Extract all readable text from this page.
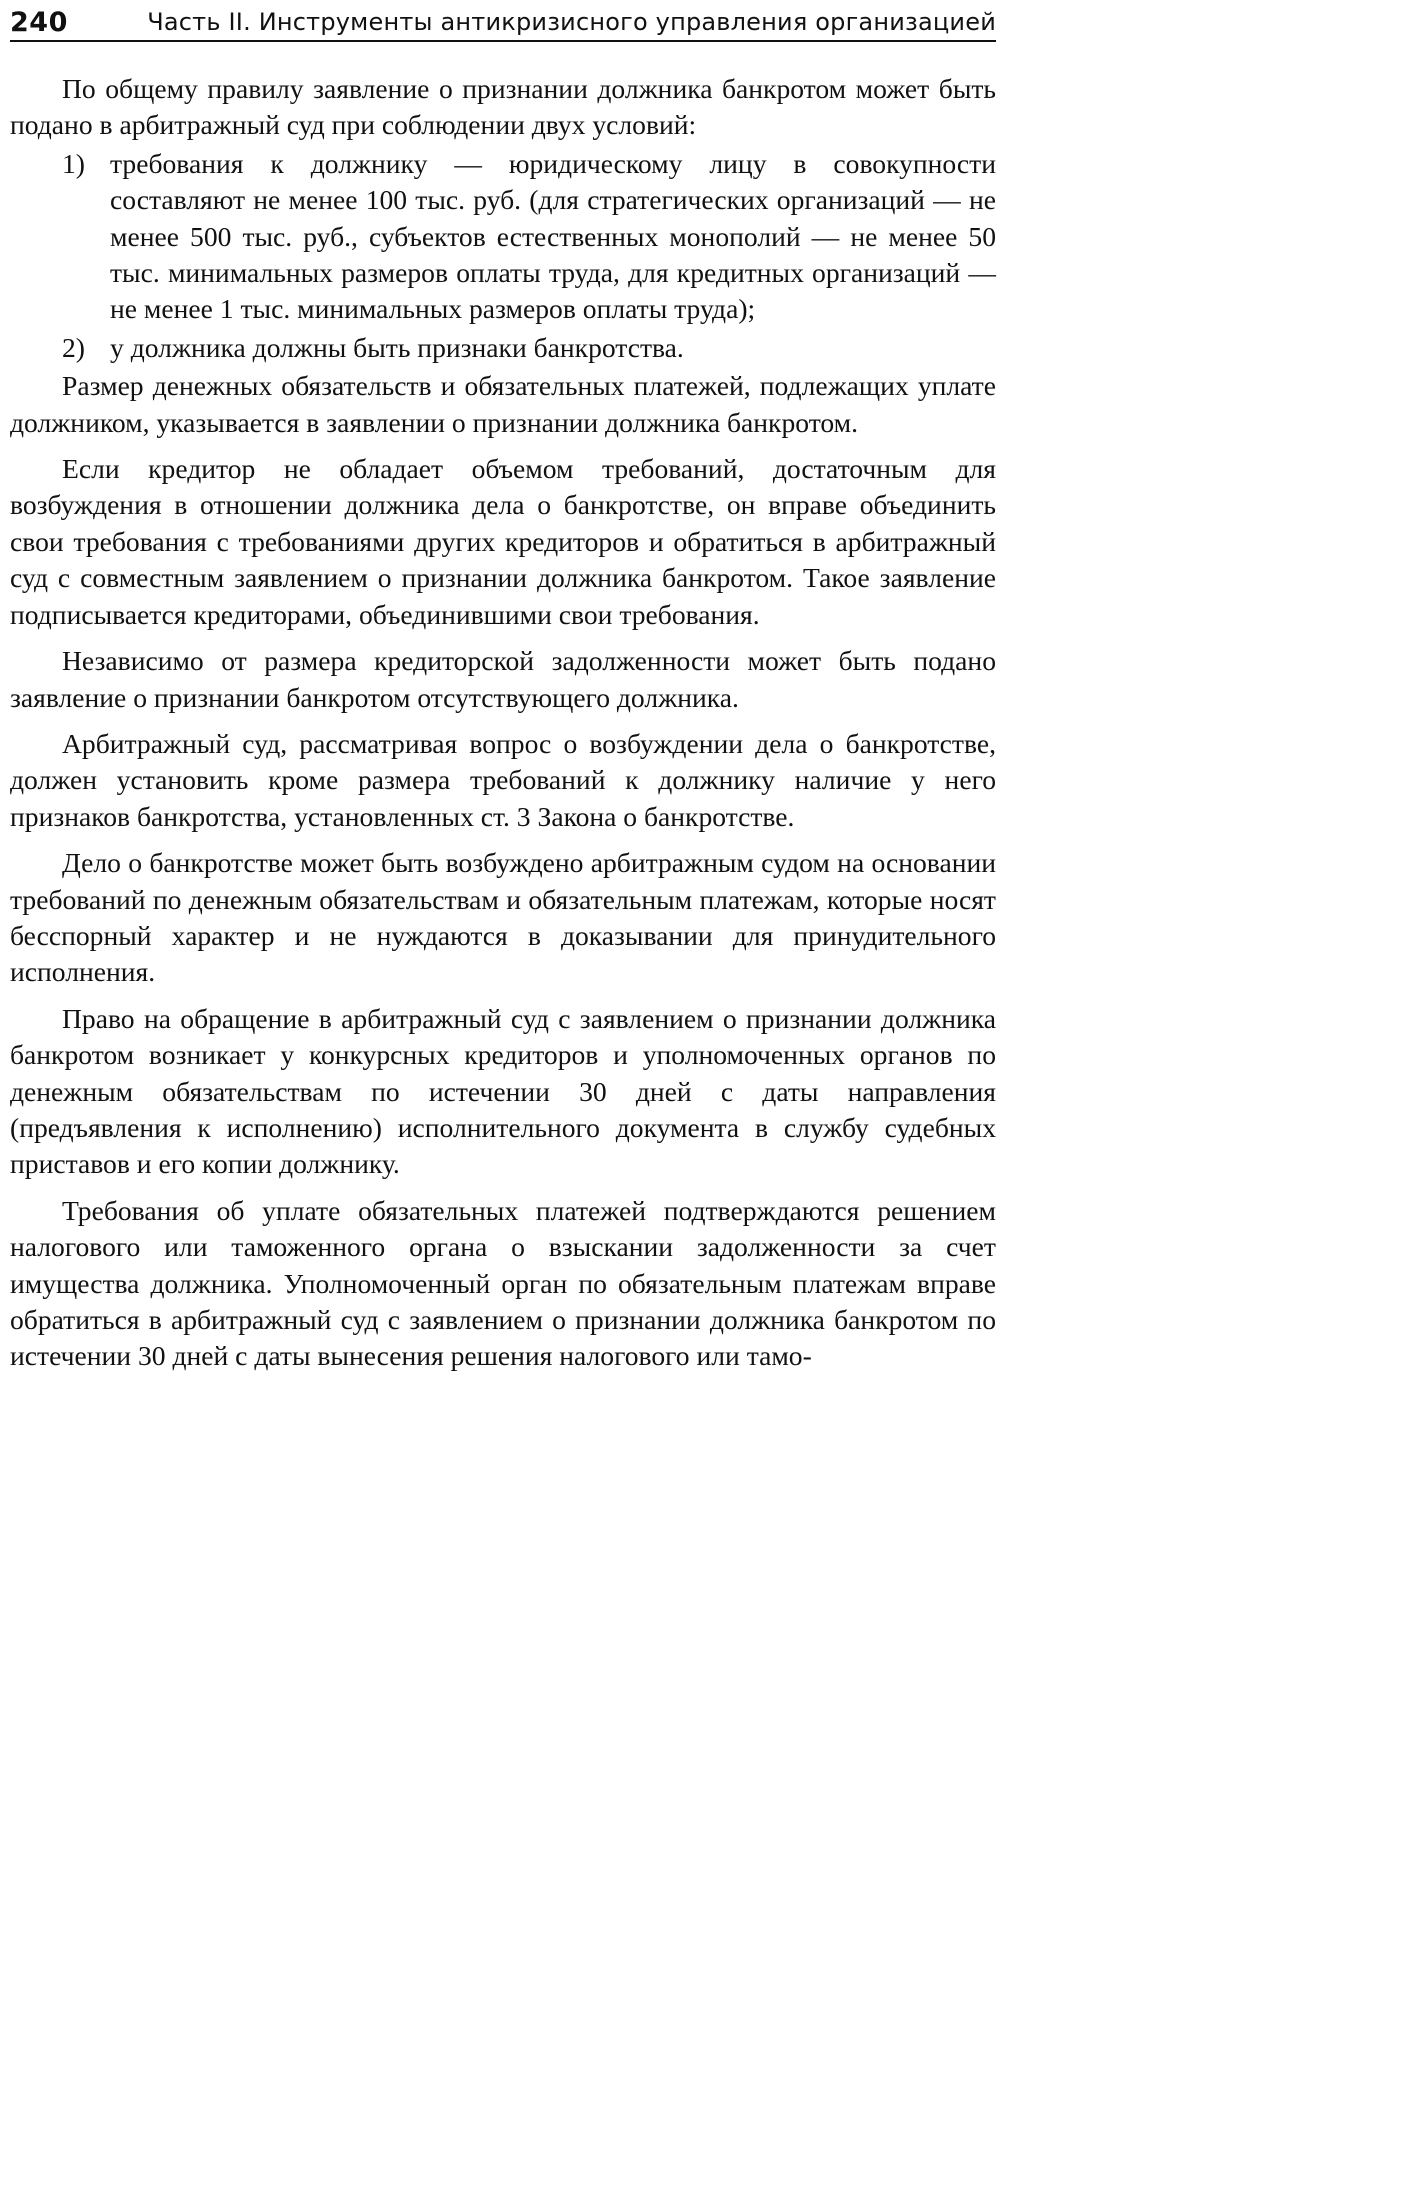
240	Часть II. Инструменты антикризисного управления организацией

По общему правилу заявление о признании должника банкротом может быть подано в арбитражный суд при соблюдении двух условий:

1) требования к должнику — юридическому лицу в совокупности составляют не менее 100 тыс. руб. (для стратегических организаций — не менее 500 тыс. руб., субъектов естественных монополий — не менее 50 тыс. минимальных размеров оплаты труда, для кредитных организаций — не менее 1 тыс. минимальных размеров оплаты труда);
2) у должника должны быть признаки банкротства.

Размер денежных обязательств и обязательных платежей, подлежащих уплате должником, указывается в заявлении о признании должника банкротом.

Если кредитор не обладает объемом требований, достаточным для возбуждения в отношении должника дела о банкротстве, он вправе объединить свои требования с требованиями других кредиторов и обратиться в арбитражный суд с совместным заявлением о признании должника банкротом. Такое заявление подписывается кредиторами, объединившими свои требования.

Независимо от размера кредиторской задолженности может быть подано заявление о признании банкротом отсутствующего должника.

Арбитражный суд, рассматривая вопрос о возбуждении дела о банкротстве, должен установить кроме размера требований к должнику наличие у него признаков банкротства, установленных ст. 3 Закона о банкротстве.

Дело о банкротстве может быть возбуждено арбитражным судом на основании требований по денежным обязательствам и обязательным платежам, которые носят бесспорный характер и не нуждаются в доказывании для принудительного исполнения.

Право на обращение в арбитражный суд с заявлением о признании должника банкротом возникает у конкурсных кредиторов и уполномоченных органов по денежным обязательствам по истечении 30 дней с даты направления (предъявления к исполнению) исполнительного документа в службу судебных приставов и его копии должнику.

Требования об уплате обязательных платежей подтверждаются решением налогового или таможенного органа о взыскании задолженности за счет имущества должника. Уполномоченный орган по обязательным платежам вправе обратиться в арбитражный суд с заявлением о признании должника банкротом по истечении 30 дней с даты вынесения решения налогового или тамо-
